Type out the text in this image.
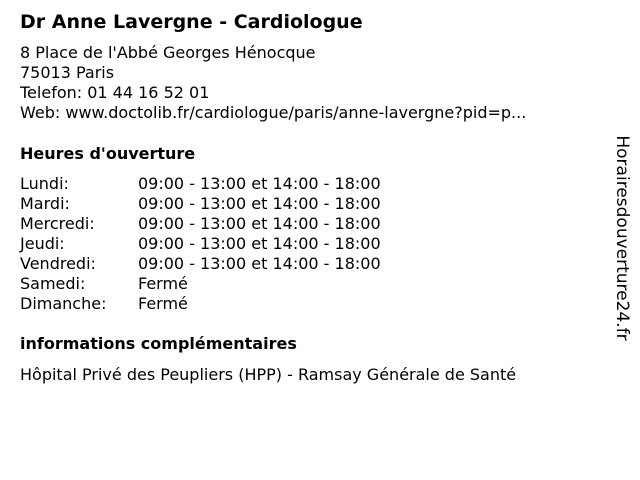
Dr Anne Lavergne - Cardiologue
8 Place de l'Abbé Georges Hénocque
75013 Paris
Telefon: 01 44 16 52 01
Web: www.doctolib.fr/cardiologue/paris/anne-lavergne?pid=p...
Heures d'ouverture
Lundi:	09:00 - 13:00 et 14:00 - 18:00
Mardi:	09:00 - 13:00 et 14:00 - 18:00
Mercredi:	09:00 - 13:00 et 14:00 - 18:00
Jeudi:	09:00 - 13:00 et 14:00 - 18:00
Vendredi:	09:00 - 13:00 et 14:00 - 18:00
Samedi:	Fermé
Dimanche:	Fermé
informations complémentaires
Hôpital Privé des Peupliers (HPP) - Ramsay Générale de Santé
Horairesdouverture24.fr
